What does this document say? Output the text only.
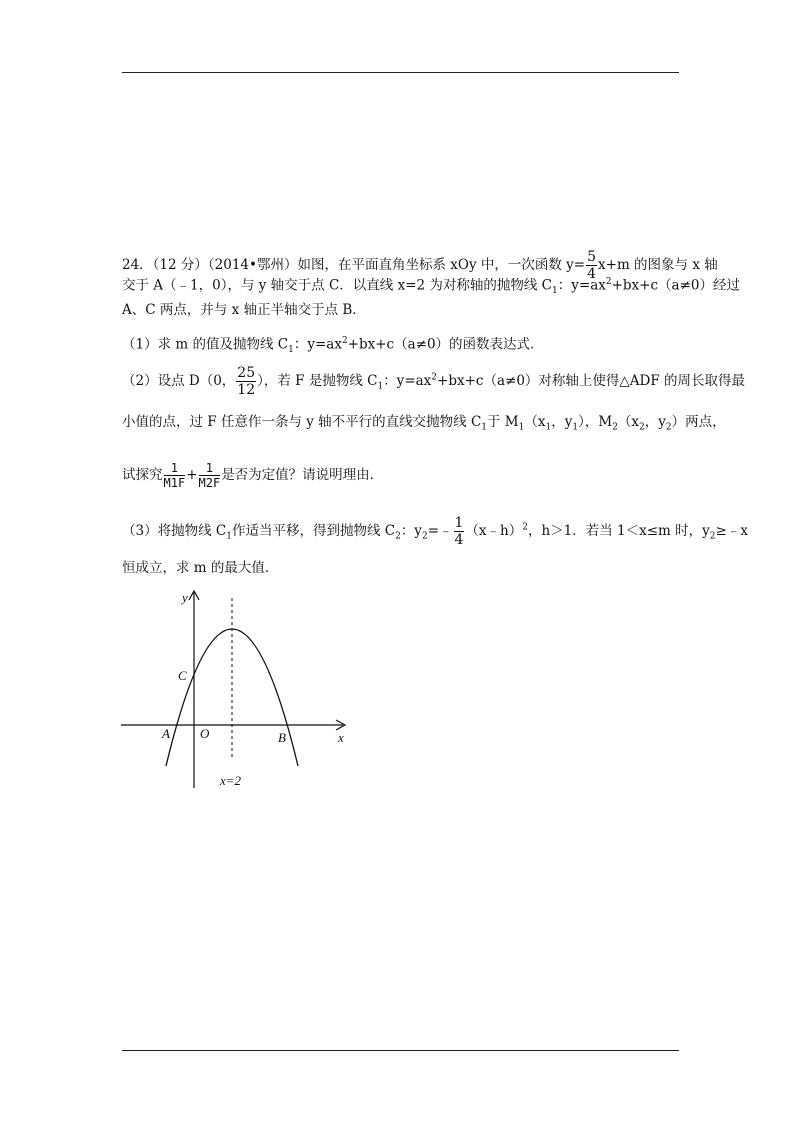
24．（12 分）（2014•鄂州）如图，在平面直角坐标系 xOy 中，一次函数 $y= \frac{5}{4} x+m$ 的图象与 x 轴
交于 A（﹣1，0），与 y 轴交于点 C．以直线 x=2 为对称轴的抛物线 $C_1$：$y=ax^2+bx+c(a\ne 0)$经过
A、C 两点，并与 x 轴正半轴交于点 B．
（1）求 m 的值及抛物线 $C_1$：$y=ax^2+bx+c(a\ne 0)$的函数表达式．
（2）设点 D（0， $\frac{25}{12}$ ），若 F 是抛物线 $C_1$：$y=ax^2+bx+c(a\ne 0)$对称轴上使得△ADF 的周长取得最
小值的点，过 F 任意作一条与 y 轴不平行的直线交抛物线 $C_1$于 $M_1(x_1$，$y_1$），$M_2(x_2$，$y_2$）两点，
试探究 $\frac{1}{M1F} + \frac{1}{M2F}$ 是否为定值？请说明理由．
（3）将抛物线 $C_1$作适当平移，得到抛物线 $C_2$：$y_2=﹣ \frac{1}{4}$ （x﹣h）$^2$，h＞1．若当 1＜x≤m 时，$y_2\ge﹣x$
恒成立，求 m 的最大值．
y
x
C
A O	B
x=2
